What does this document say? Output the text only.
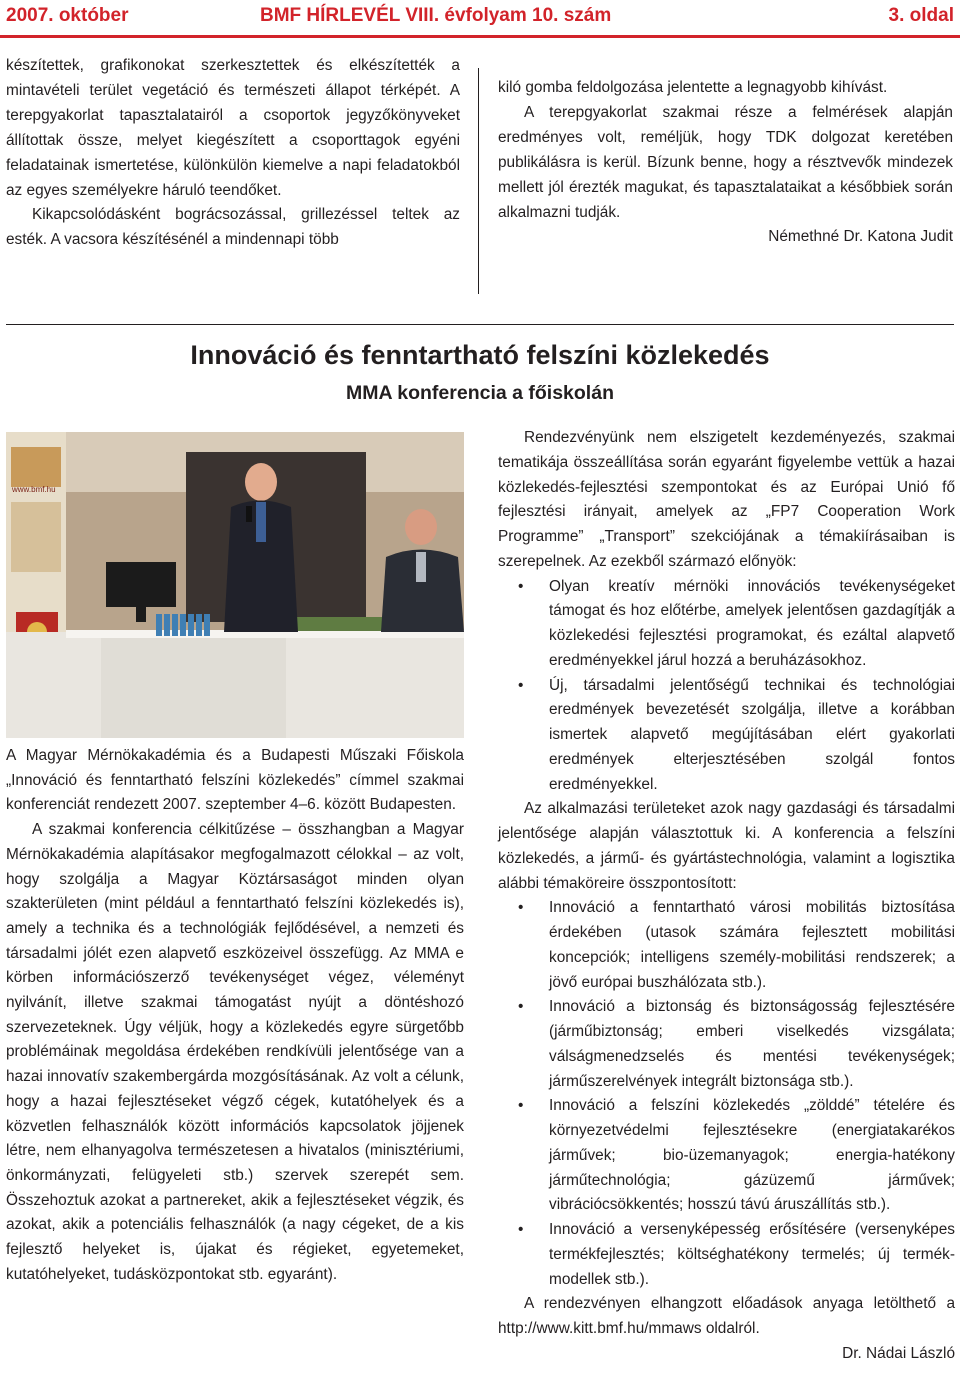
2007. október	BMF HÍRLEVÉL VIII. évfolyam 10. szám	3. oldal

készítettek, grafikonokat szerkesztettek és elkészítették a mintavételi terület vegetáció és természeti állapot térképét. A terepgyakorlat tapasztalatairól a csoportok jegyzőkönyveket állítottak össze, melyet kiegészített a csoporttagok egyéni feladatainak ismertetése, különkülön kiemelve a napi feladatokból az egyes személyekre háruló teendőket.

Kikapcsolódásként bográcsozással, grillezéssel teltek az esték. A vacsora készítésénél a mindennapi több

kiló gomba feldolgozása jelentette a legnagyobb kihívást.

A terepgyakorlat szakmai része a felmérések alapján eredményes volt, reméljük, hogy TDK dolgozat keretében publikálásra is kerül. Bízunk benne, hogy a résztvevők mindezek mellett jól érezték magukat, és tapasztalataikat a későbbiek során alkalmazni tudják.

Némethné Dr. Katona Judit

Innováció és fenntartható felszíni közlekedés
MMA konferencia a főiskolán
www.bmf.hu

A Magyar Mérnökakadémia és a Budapesti Műszaki Főiskola „Innováció és fenntartható felszíni közlekedés” címmel szakmai konferenciát rendezett 2007. szeptember 4–6. között Budapesten.

A szakmai konferencia célkitűzése – összhangban a Magyar Mérnökakadémia alapításakor megfogalmazott célokkal – az volt, hogy szolgálja a Magyar Köztársaságot minden olyan szakterületen (mint például a fenntartható felszíni közlekedés is), amely a technika és a technológiák fejlődésével, a nemzeti és társadalmi jólét ezen alapvető eszközeivel összefügg. Az MMA e körben információszerző tevékenységet végez, véleményt nyilvánít, illetve szakmai támogatást nyújt a döntéshozó szervezeteknek. Úgy véljük, hogy a közlekedés egyre sürgetőbb problémáinak megoldása érdekében rendkívüli jelentősége van a hazai innovatív szakembergárda mozgósításának. Az volt a célunk, hogy a hazai fejlesztéseket végző cégek, kutatóhelyek és a közvetlen felhasználók között információs kapcsolatok jöjjenek létre, nem elhanyagolva természetesen a hivatalos (minisztériumi, önkormányzati, felügyeleti stb.) szervek szerepét sem. Összehoztuk azokat a partnereket, akik a fejlesztéseket végzik, és azokat, akik a potenciális felhasználók (a nagy cégeket, de a kis fejlesztő helyeket is, újakat és régieket, egyetemeket, kutatóhelyeket, tudásközpontokat stb. egyaránt).

Rendezvényünk nem elszigetelt kezdeményezés, szakmai tematikája összeállítása során egyaránt figyelembe vettük a hazai közlekedés-fejlesztési szempontokat és az Európai Unió fő fejlesztési irányait, amelyek az „FP7 Cooperation Work Programme” „Transport” szekciójának a témakiírásaiban is szerepelnek. Az ezekből származó előnyök:

• Olyan kreatív mérnöki innovációs tevékenységeket támogat és hoz előtérbe, amelyek jelentősen gazdagítják a közlekedési fejlesztési programokat, és ezáltal alapvető eredményekkel járul hozzá a beruházásokhoz.
• Új, társadalmi jelentőségű technikai és technológiai eredmények bevezetését szolgálja, illetve a korábban ismertek alapvető megújításában elért gyakorlati eredmények elterjesztésében szolgál fontos eredményekkel.

Az alkalmazási területeket azok nagy gazdasági és társadalmi jelentősége alapján választottuk ki. A konferencia a felszíni közlekedés, a jármű- és gyártástechnológia, valamint a logisztika alábbi témaköreire összpontosított:

• Innováció a fenntartható városi mobilitás biztosítása érdekében (utasok számára fejlesztett mobilitási koncepciók; intelligens személy-mobilitási rendszerek; a jövő európai buszhálózata stb.).
• Innováció a biztonság és biztonságosság fejlesztésére (járműbiztonság; emberi viselkedés vizsgálata; válságmenedzselés és mentési tevékenységek; járműszerelvények integrált biztonsága stb.).
• Innováció a felszíni közlekedés „zölddé” tételére és környezetvédelmi fejlesztésekre (energiatakarékos járművek; bio-üzemanyagok; energia-hatékony járműtechnológia; gázüzemű járművek; vibrációcsökkentés; hosszú távú áruszállítás stb.).
• Innováció a versenyképesség erősítésére (versenyképes termékfejlesztés; költséghatékony termelés; új termék-modellek stb.).

A rendezvényen elhangzott előadások anyaga letölthető a http://www.kitt.bmf.hu/mmaws oldalról.

Dr. Nádai László
